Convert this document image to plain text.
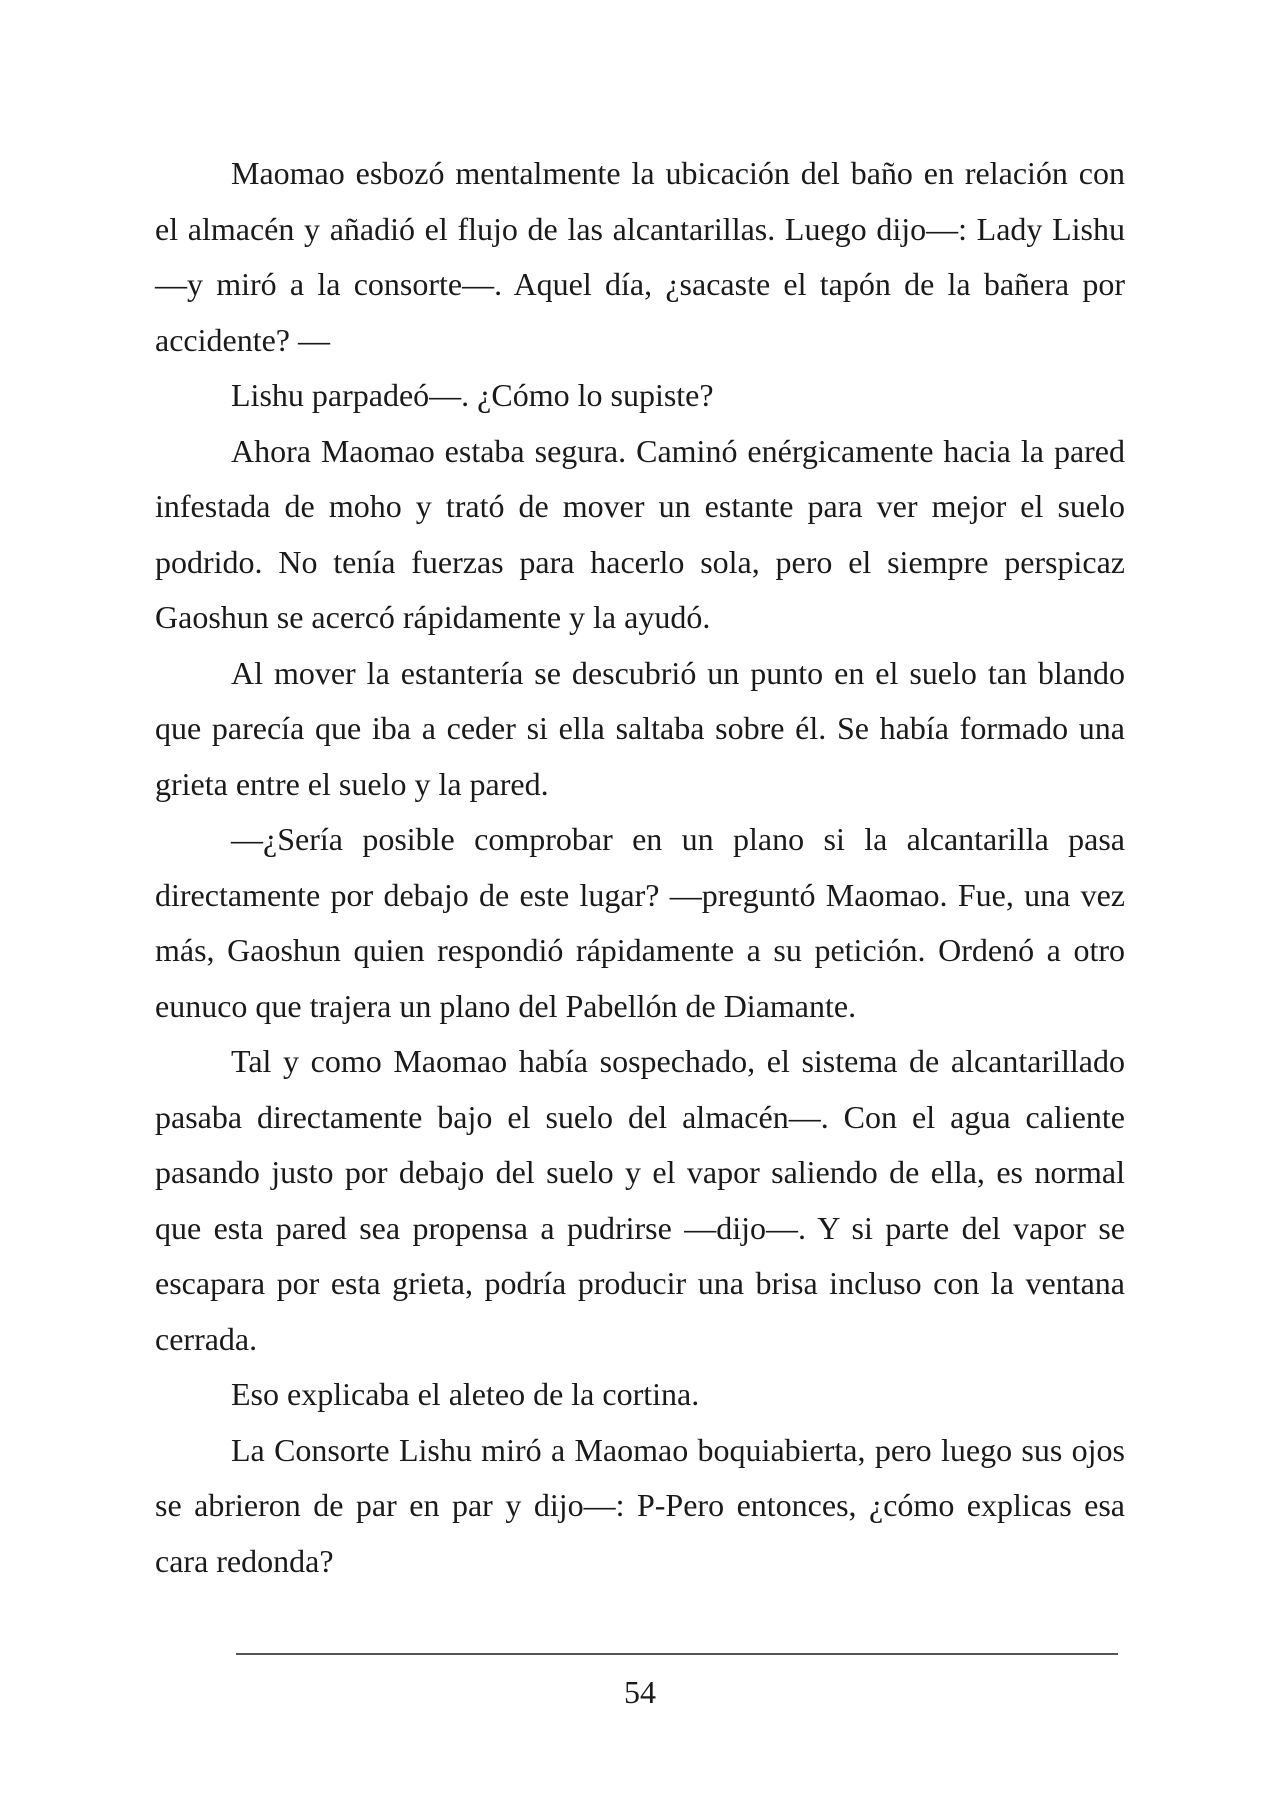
Maomao esbozó mentalmente la ubicación del baño en relación con el almacén y añadió el flujo de las alcantarillas. Luego dijo—: Lady Lishu —y miró a la consorte—. Aquel día, ¿sacaste el tapón de la bañera por accidente? —

Lishu parpadeó—. ¿Cómo lo supiste?

Ahora Maomao estaba segura. Caminó enérgicamente hacia la pared infestada de moho y trató de mover un estante para ver mejor el suelo podrido. No tenía fuerzas para hacerlo sola, pero el siempre perspicaz Gaoshun se acercó rápidamente y la ayudó.

Al mover la estantería se descubrió un punto en el suelo tan blando que parecía que iba a ceder si ella saltaba sobre él. Se había formado una grieta entre el suelo y la pared.

—¿Sería posible comprobar en un plano si la alcantarilla pasa directamente por debajo de este lugar? —preguntó Maomao. Fue, una vez más, Gaoshun quien respondió rápidamente a su petición. Ordenó a otro eunuco que trajera un plano del Pabellón de Diamante.

Tal y como Maomao había sospechado, el sistema de alcantarillado pasaba directamente bajo el suelo del almacén—. Con el agua caliente pasando justo por debajo del suelo y el vapor saliendo de ella, es normal que esta pared sea propensa a pudrirse —dijo—. Y si parte del vapor se escapara por esta grieta, podría producir una brisa incluso con la ventana cerrada.

Eso explicaba el aleteo de la cortina.

La Consorte Lishu miró a Maomao boquiabierta, pero luego sus ojos se abrieron de par en par y dijo—: P-Pero entonces, ¿cómo explicas esa cara redonda?

54
